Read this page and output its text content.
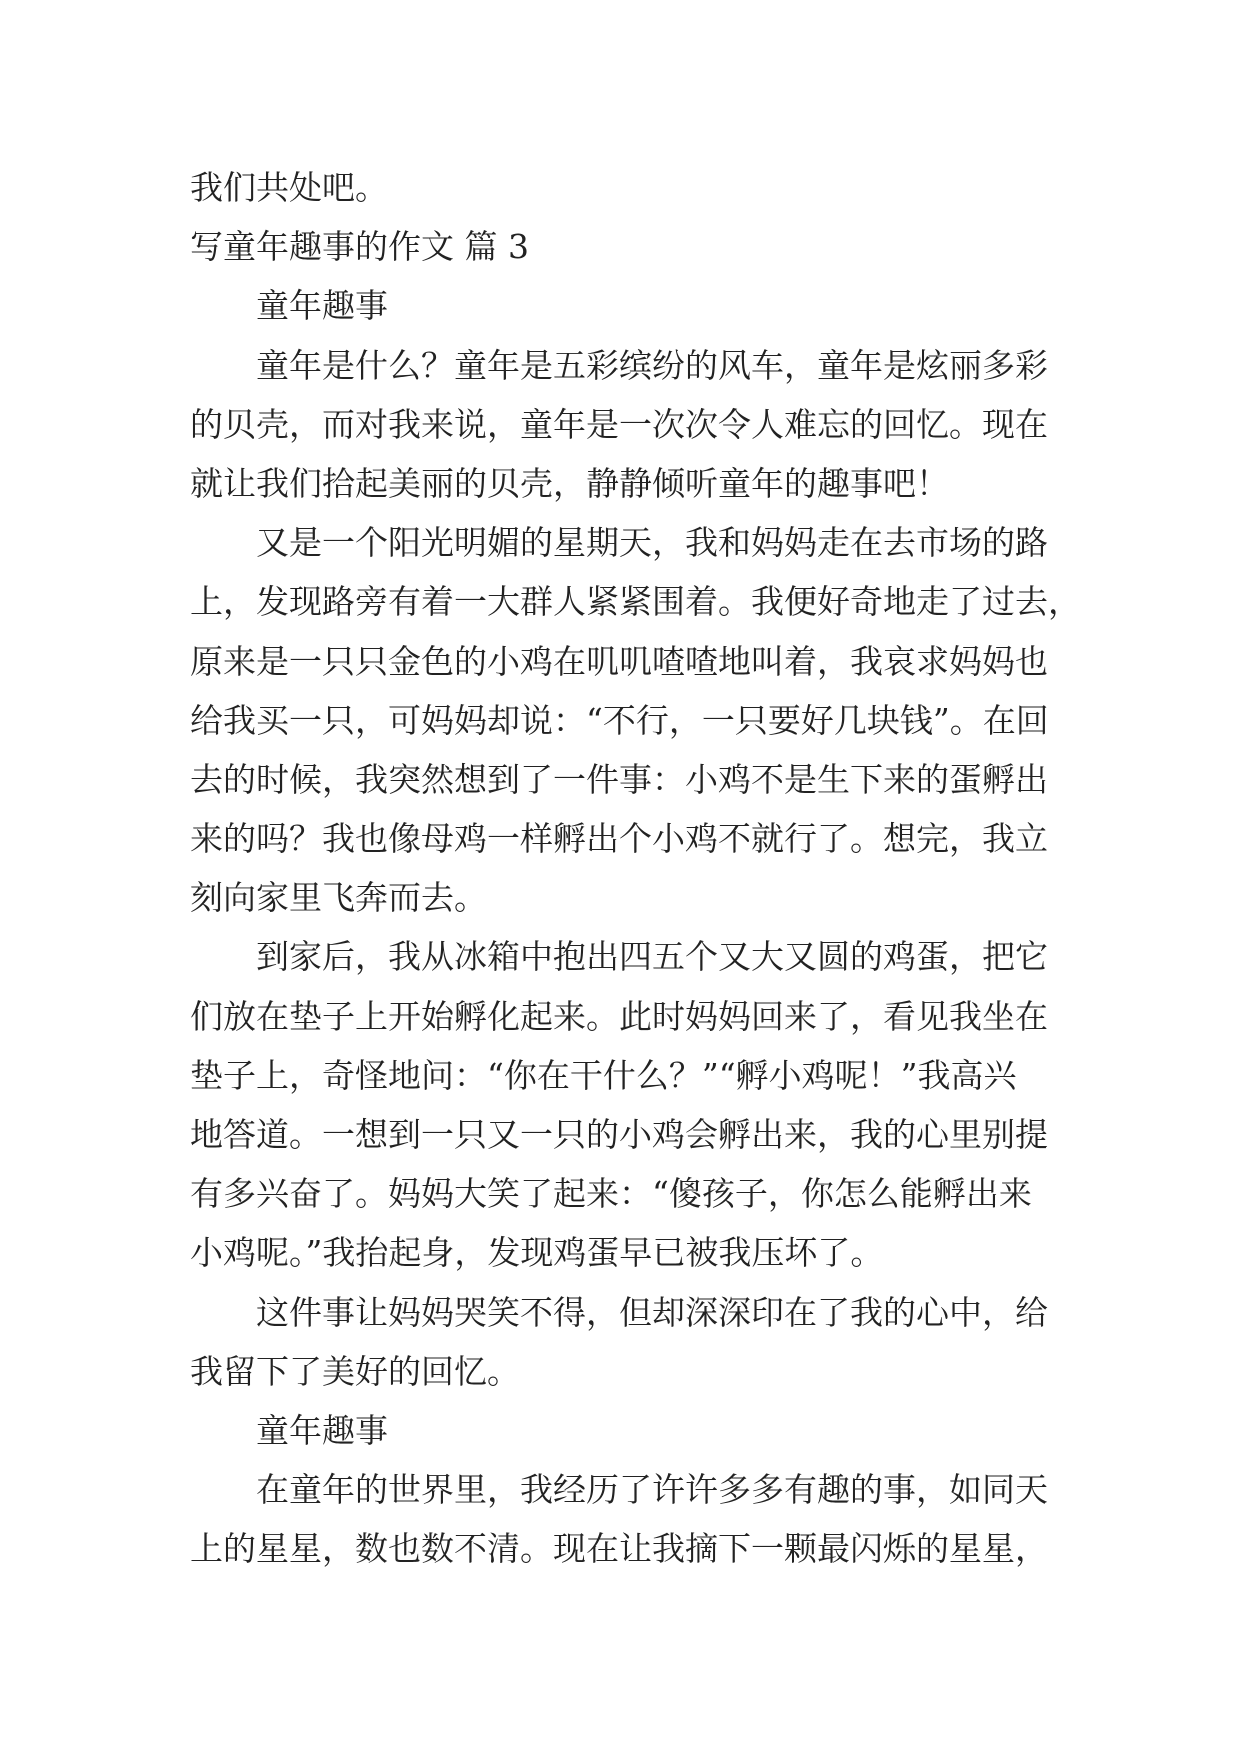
我们共处吧。
写童年趣事的作文 篇 3
童年趣事
童年是什么？童年是五彩缤纷的风车，童年是炫丽多彩
的贝壳，而对我来说，童年是一次次令人难忘的回忆。现在
就让我们拾起美丽的贝壳，静静倾听童年的趣事吧！
又是一个阳光明媚的星期天，我和妈妈走在去市场的路
上，发现路旁有着一大群人紧紧围着。我便好奇地走了过去，
原来是一只只金色的小鸡在叽叽喳喳地叫着，我哀求妈妈也
给我买一只，可妈妈却说：“不行，一只要好几块钱”。在回
去的时候，我突然想到了一件事：小鸡不是生下来的蛋孵出
来的吗？我也像母鸡一样孵出个小鸡不就行了。想完，我立
刻向家里飞奔而去。
到家后，我从冰箱中抱出四五个又大又圆的鸡蛋，把它
们放在垫子上开始孵化起来。此时妈妈回来了，看见我坐在
垫子上，奇怪地问：“你在干什么？”“孵小鸡呢！”我高兴
地答道。一想到一只又一只的小鸡会孵出来，我的心里别提
有多兴奋了。妈妈大笑了起来：“傻孩子，你怎么能孵出来
小鸡呢。”我抬起身，发现鸡蛋早已被我压坏了。
这件事让妈妈哭笑不得，但却深深印在了我的心中，给
我留下了美好的回忆。
童年趣事
在童年的世界里，我经历了许许多多有趣的事，如同天
上的星星，数也数不清。现在让我摘下一颗最闪烁的星星，
